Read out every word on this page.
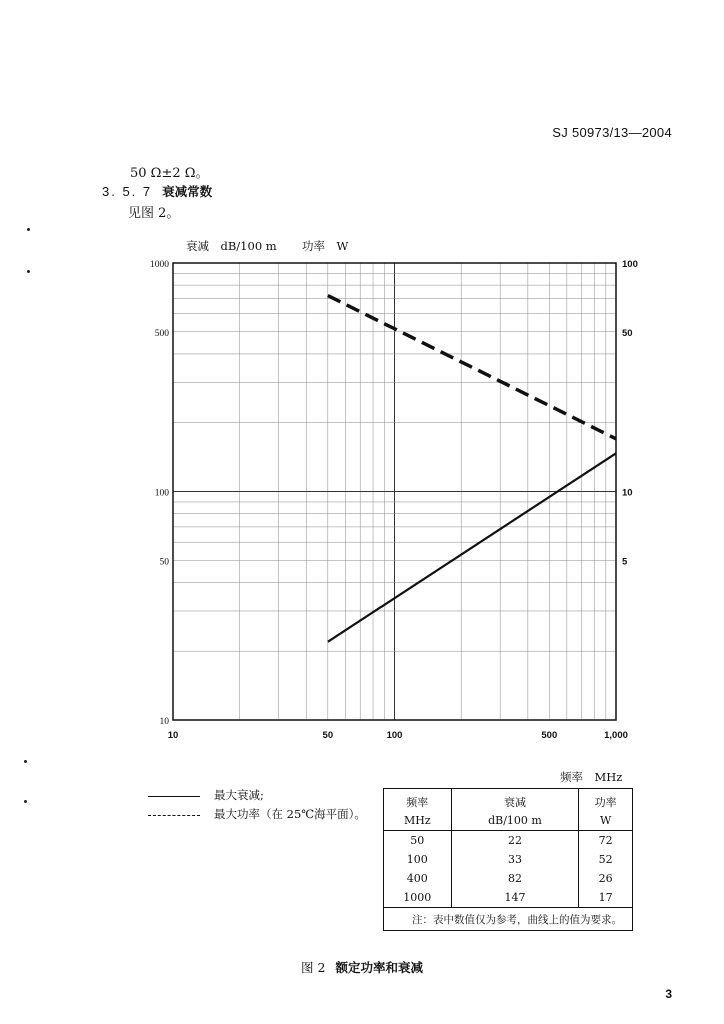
SJ 50973/13—2004
50 Ω±2 Ω。
3. 5. 7 衰减常数
见图 2。
衰减　dB/100 m 功率　W
10	50	100	500	1,000
1000
500
100
50
10
100
50
10
5
频率　MHz
最大衰减;
最大功率（在 25℃海平面）。
频率	衰减	功率
MHz	dB/100 m	W
50	22	72
100	33	52
400	82	26
1000	147	17
注：表中数值仅为参考，曲线上的值为要求。		
图 2 额定功率和衰减
3
